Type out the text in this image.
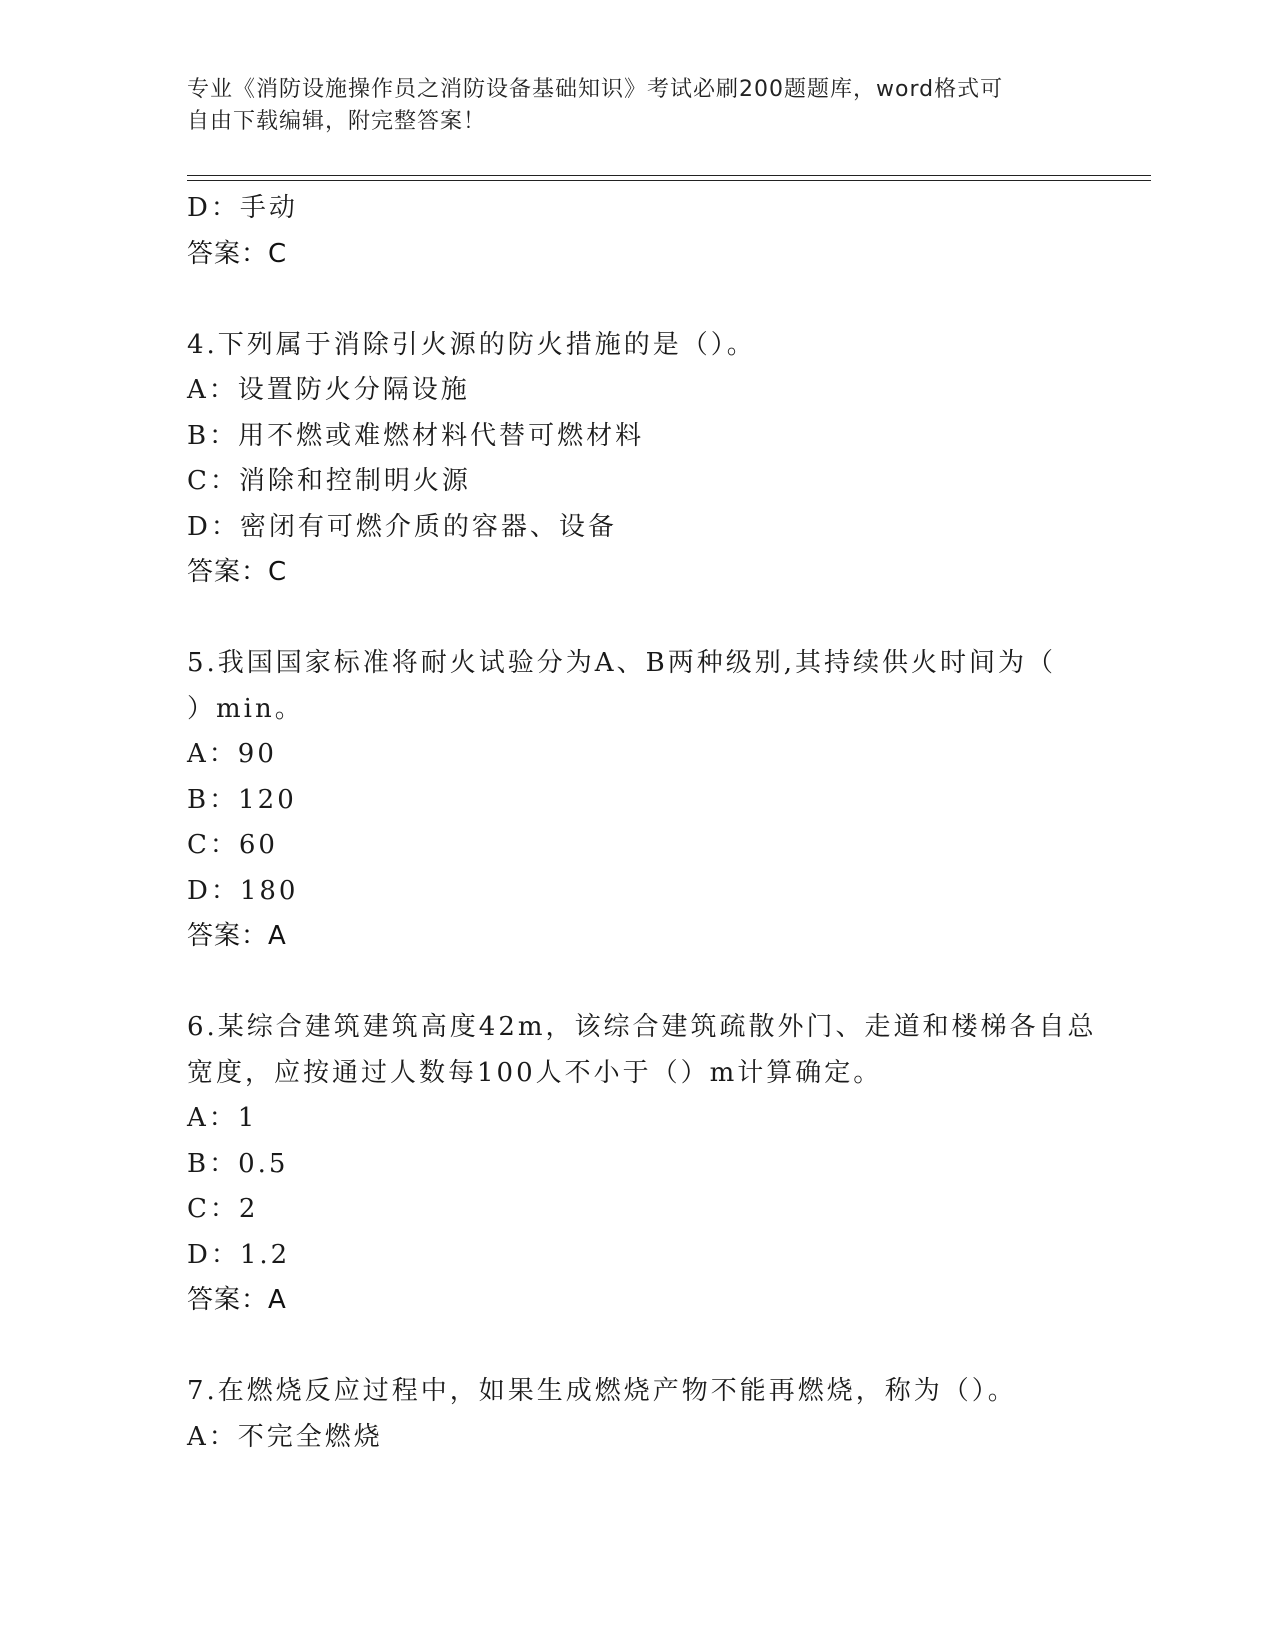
专业《消防设施操作员之消防设备基础知识》考试必刷200题题库，word格式可
自由下载编辑，附完整答案！
D：手动
答案：C
4.下列属于消除引火源的防火措施的是（）。
A：设置防火分隔设施
B：用不燃或难燃材料代替可燃材料
C：消除和控制明火源
D：密闭有可燃介质的容器、设备
答案：C
5.我国国家标准将耐火试验分为A、B两种级别,其持续供火时间为（
）min。
A：90
B：120
C：60
D：180
答案：A
6.某综合建筑建筑高度42m，该综合建筑疏散外门、走道和楼梯各自总
宽度，应按通过人数每100人不小于（）m计算确定。
A：1
B：0.5
C：2
D：1.2
答案：A
7.在燃烧反应过程中，如果生成燃烧产物不能再燃烧，称为（）。
A：不完全燃烧
